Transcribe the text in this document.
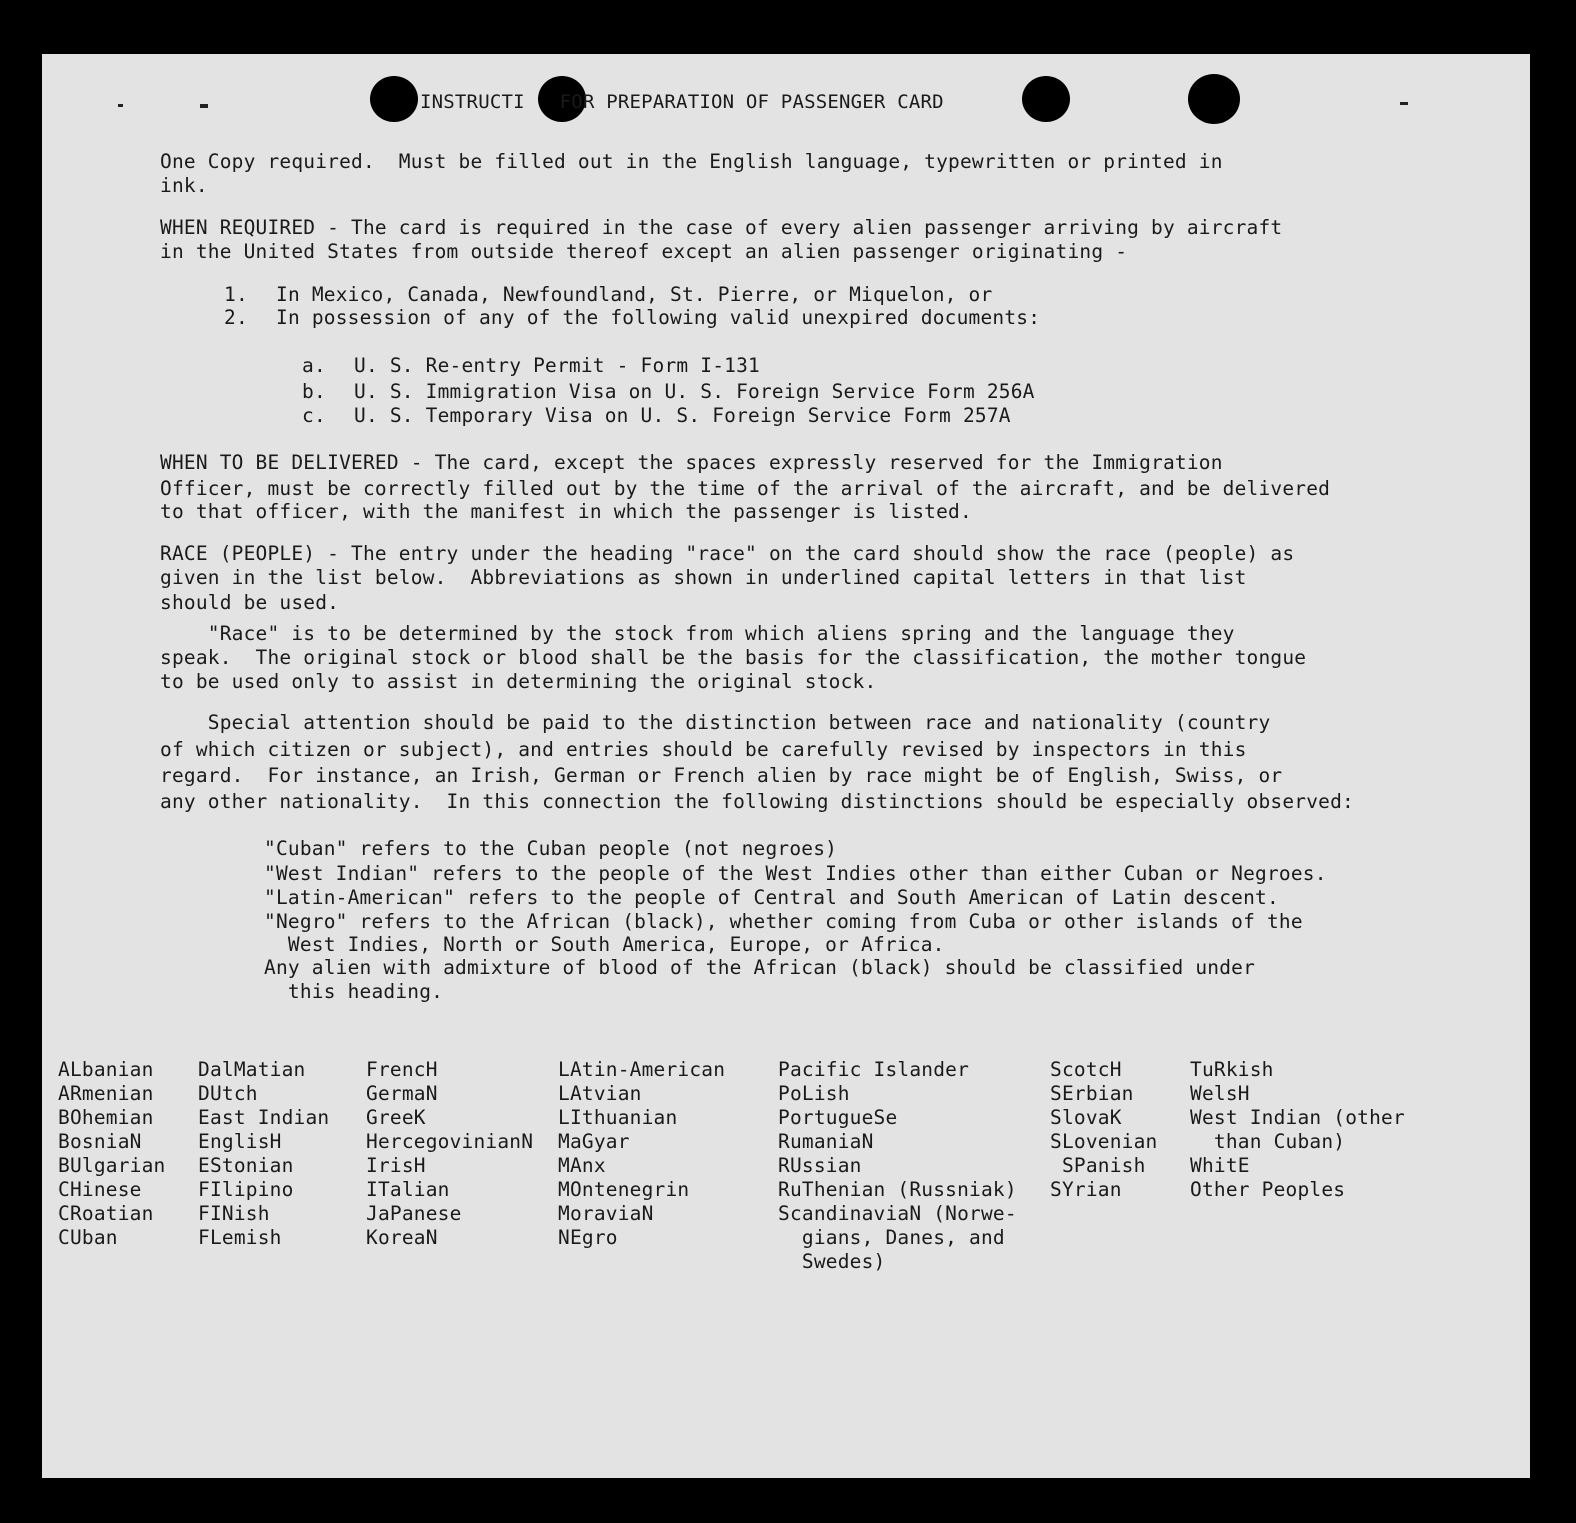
INSTRUCTI   FOR PREPARATION OF PASSENGER CARD
One Copy required.  Must be filled out in the English language, typewritten or printed in
ink.
WHEN REQUIRED - The card is required in the case of every alien passenger arriving by aircraft
in the United States from outside thereof except an alien passenger originating -
1. In Mexico, Canada, Newfoundland, St. Pierre, or Miquelon, or
2. In possession of any of the following valid unexpired documents:
a. U. S. Re-entry Permit - Form I-131
b. U. S. Immigration Visa on U. S. Foreign Service Form 256A
c. U. S. Temporary Visa on U. S. Foreign Service Form 257A
WHEN TO BE DELIVERED - The card, except the spaces expressly reserved for the Immigration
Officer, must be correctly filled out by the time of the arrival of the aircraft, and be delivered
to that officer, with the manifest in which the passenger is listed.
RACE (PEOPLE) - The entry under the heading "race" on the card should show the race (people) as
given in the list below.  Abbreviations as shown in underlined capital letters in that list
should be used.
"Race" is to be determined by the stock from which aliens spring and the language they
speak.  The original stock or blood shall be the basis for the classification, the mother tongue
to be used only to assist in determining the original stock.
Special attention should be paid to the distinction between race and nationality (country
of which citizen or subject), and entries should be carefully revised by inspectors in this
regard.  For instance, an Irish, German or French alien by race might be of English, Swiss, or
any other nationality.  In this connection the following distinctions should be especially observed:
"Cuban" refers to the Cuban people (not negroes)
"West Indian" refers to the people of the West Indies other than either Cuban or Negroes.
"Latin-American" refers to the people of Central and South American of Latin descent.
"Negro" refers to the African (black), whether coming from Cuba or other islands of the
West Indies, North or South America, Europe, or Africa.
Any alien with admixture of blood of the African (black) should be classified under
this heading.
ALbanian
ARmenian
BOhemian
BosniaN
BUlgarian
CHinese
CRoatian
CUban
DalMatian
DUtch
East Indian
EnglisH
EStonian
FIlipino
FINish
FLemish
FrencH
GermaN
GreeK
HercegovinianN
IrisH
ITalian
JaPanese
KoreaN
LAtin-American
LAtvian
LIthuanian
MaGyar
MAnx
MOntenegrin
MoraviaN
NEgro
Pacific Islander
PoLish
PortugueSe
RumaniaN
RUssian
RuThenian (Russniak)
ScandinaviaN (Norwe-
gians, Danes, and
Swedes)
ScotcH
SErbian
SlovaK
SLovenian
SPanish
SYrian
TuRkish
WelsH
West Indian (other
than Cuban)
WhitE
Other Peoples
